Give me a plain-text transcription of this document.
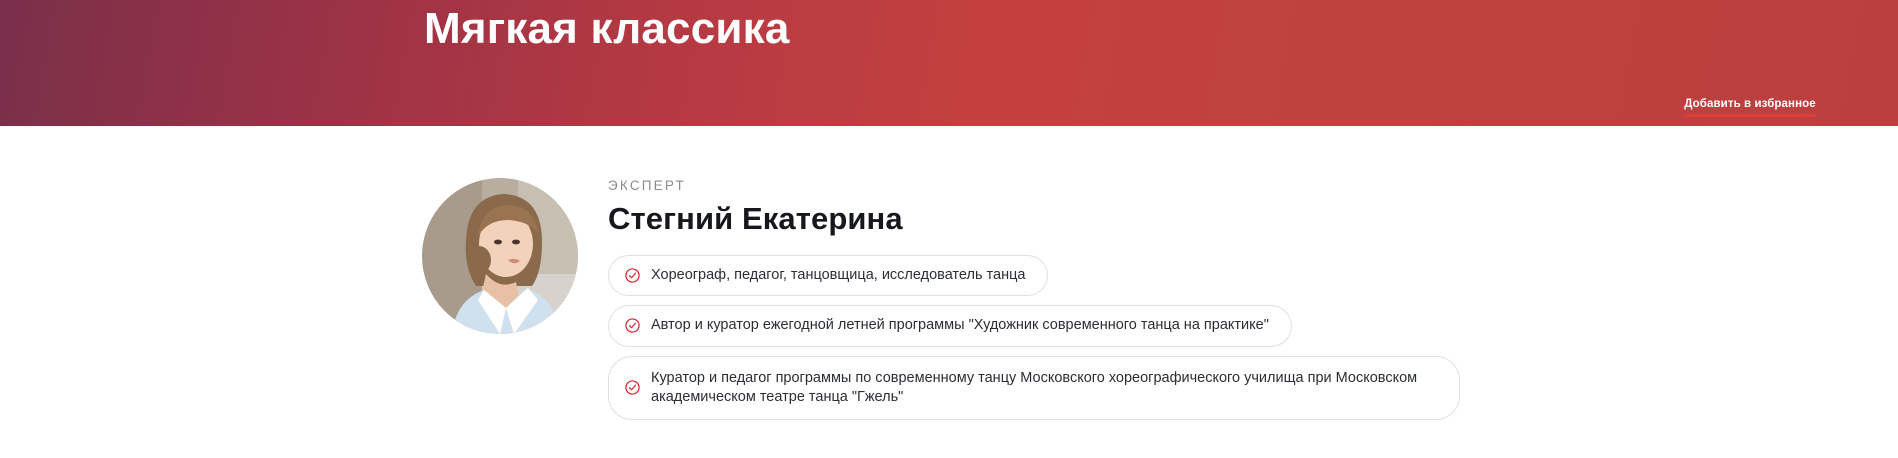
Мягкая классика
Добавить в избранное
ЭКСПЕРТ
Стегний Екатерина
Хореограф, педагог, танцовщица, исследователь танца
Автор и куратор ежегодной летней программы "Художник современного танца на практике"
Куратор и педагог программы по современному танцу Московского хореографического училища при Московском академическом театре танца "Гжель"
